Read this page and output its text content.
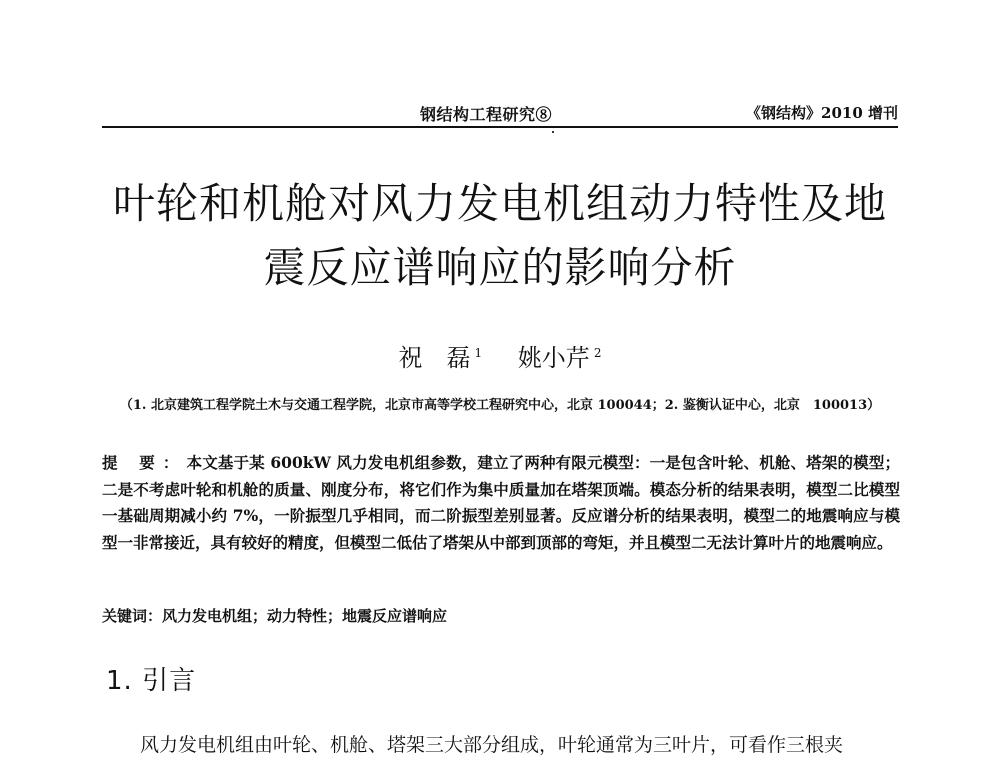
钢结构工程研究⑧	《钢结构》2010 增刊
叶轮和机舱对风力发电机组动力特性及地
震反应谱响应的影响分析
祝　磊 $^1$ 姚小芹 $^2$
（1. 北京建筑工程学院土木与交通工程学院，北京市高等学校工程研究中心，北京 100044；2. 鉴衡认证中心，北京　100013）
提 要：本文基于某 600kW 风力发电机组参数，建立了两种有限元模型：一是包含叶轮、机舱、塔架的模型；二是不考虑叶轮和机舱的质量、刚度分布，将它们作为集中质量加在塔架顶端。模态分析的结果表明，模型二比模型一基础周期减小约 7%，一阶振型几乎相同，而二阶振型差别显著。反应谱分析的结果表明，模型二的地震响应与模型一非常接近，具有较好的精度，但模型二低估了塔架从中部到顶部的弯矩，并且模型二无法计算叶片的地震响应。
关键词：风力发电机组；动力特性；地震反应谱响应
1. 引言
风力发电机组由叶轮、机舱、塔架三大部分组成，叶轮通常为三叶片，可看作三根夹
